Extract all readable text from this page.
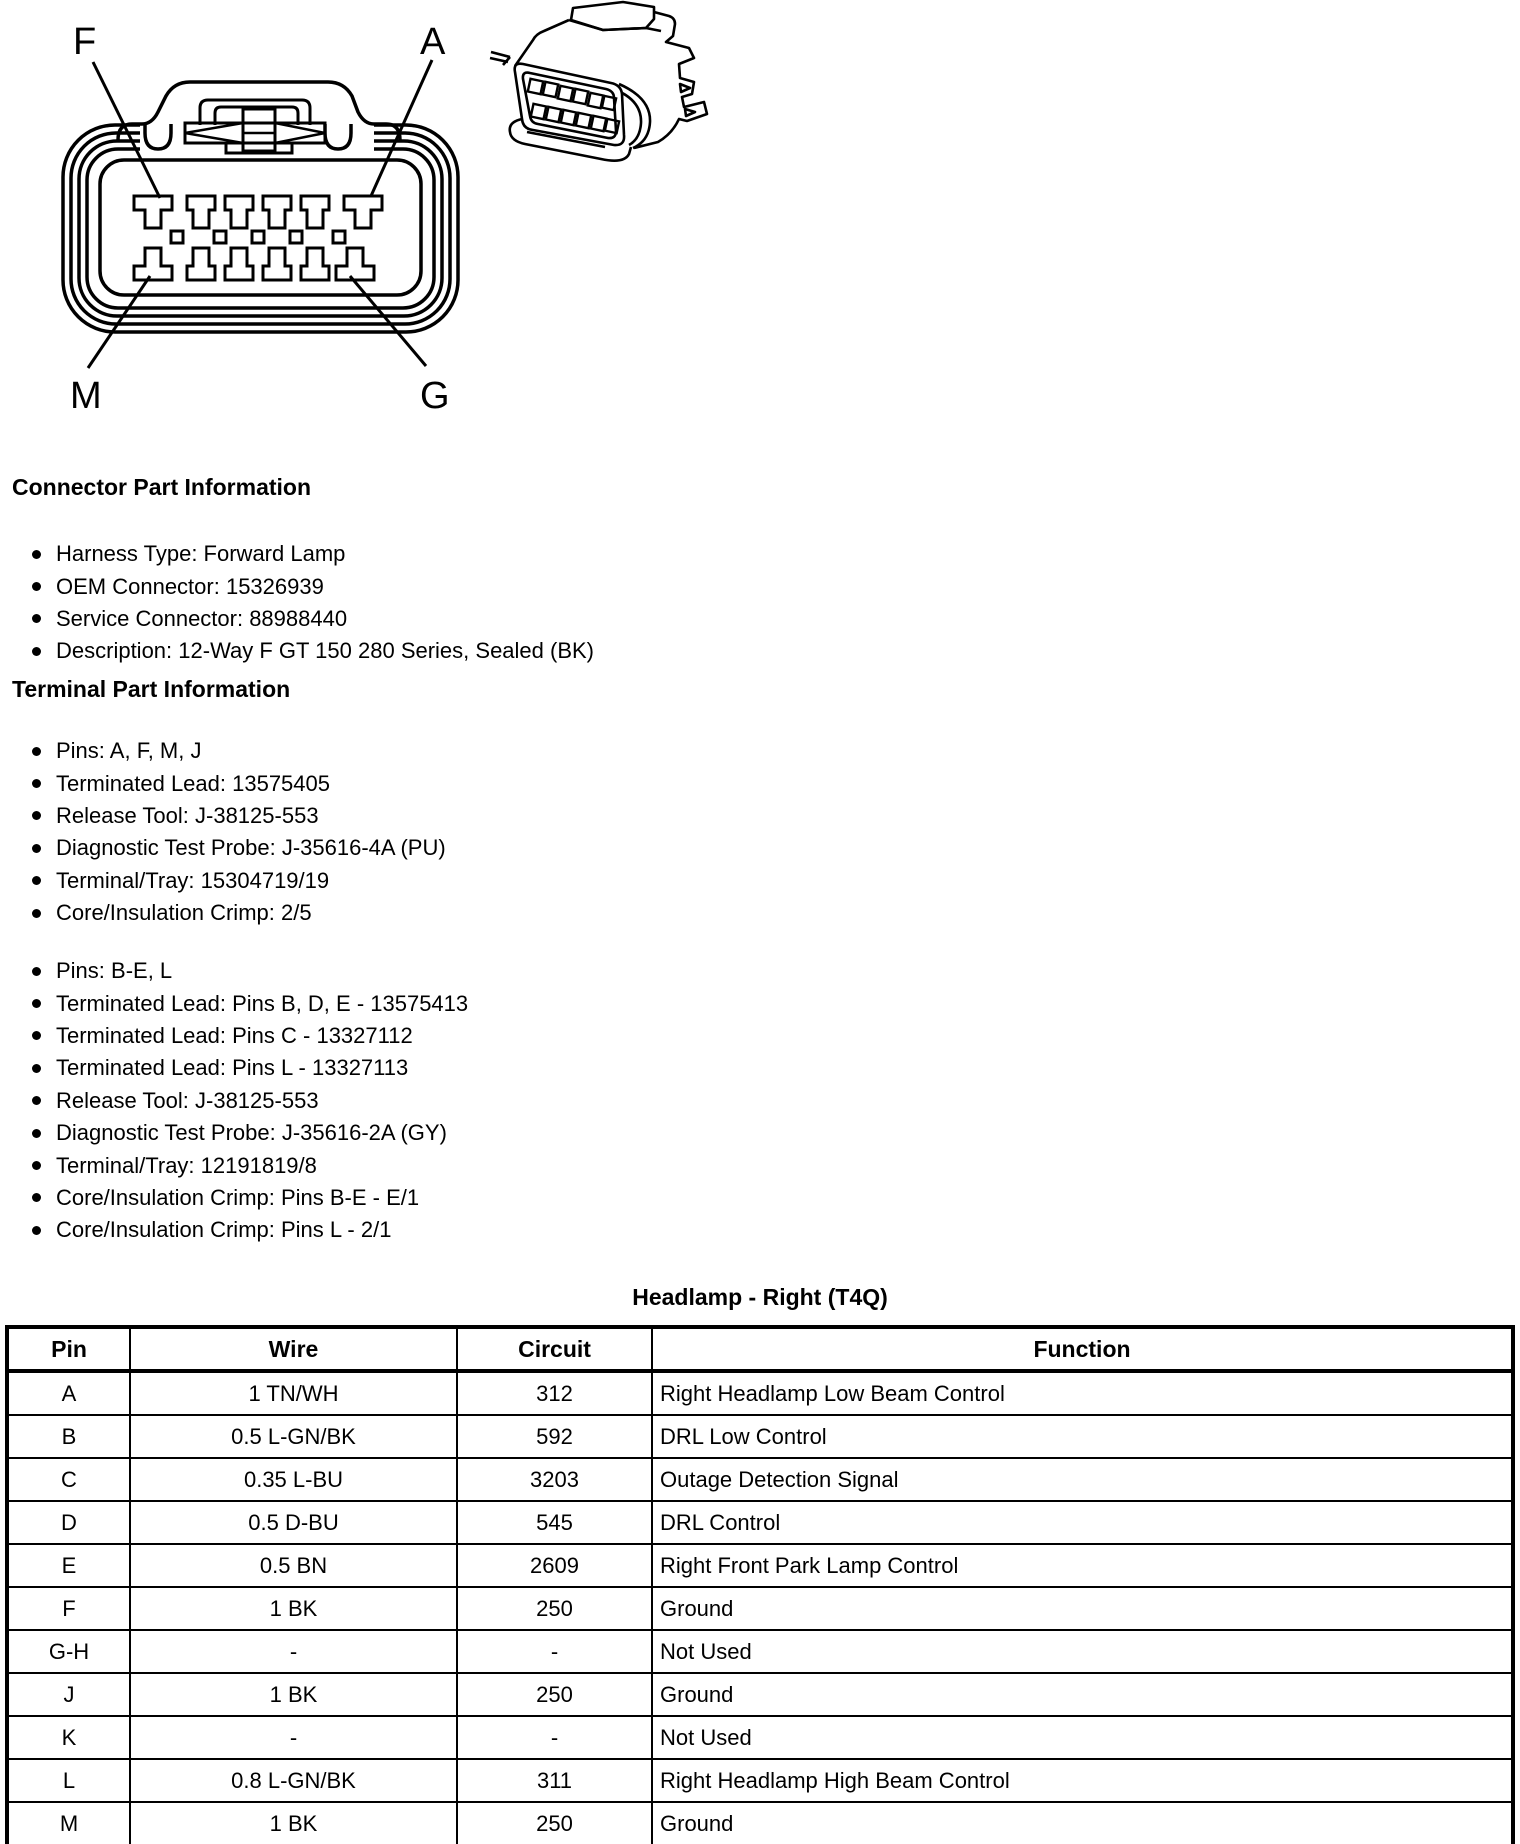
F	A
M	G
Connector Part Information
Harness Type: Forward Lamp
OEM Connector: 15326939
Service Connector: 88988440
Description: 12-Way F GT 150 280 Series, Sealed (BK)
Terminal Part Information
Pins: A, F, M, J
Terminated Lead: 13575405
Release Tool: J-38125-553
Diagnostic Test Probe: J-35616-4A (PU)
Terminal/Tray: 15304719/19
Core/Insulation Crimp: 2/5
Pins: B-E, L
Terminated Lead: Pins B, D, E - 13575413
Terminated Lead: Pins C - 13327112
Terminated Lead: Pins L - 13327113
Release Tool: J-38125-553
Diagnostic Test Probe: J-35616-2A (GY)
Terminal/Tray: 12191819/8
Core/Insulation Crimp: Pins B-E - E/1
Core/Insulation Crimp: Pins L - 2/1
Headlamp - Right (T4Q)
Pin	Wire	Circuit	Function
A	1 TN/WH	312	Right Headlamp Low Beam Control
B	0.5 L-GN/BK	592	DRL Low Control
C	0.35 L-BU	3203	Outage Detection Signal
D	0.5 D-BU	545	DRL Control
E	0.5 BN	2609	Right Front Park Lamp Control
F	1 BK	250	Ground
G-H	-	-	Not Used
J	1 BK	250	Ground
K	-	-	Not Used
L	0.8 L-GN/BK	311	Right Headlamp High Beam Control
M	1 BK	250	Ground
